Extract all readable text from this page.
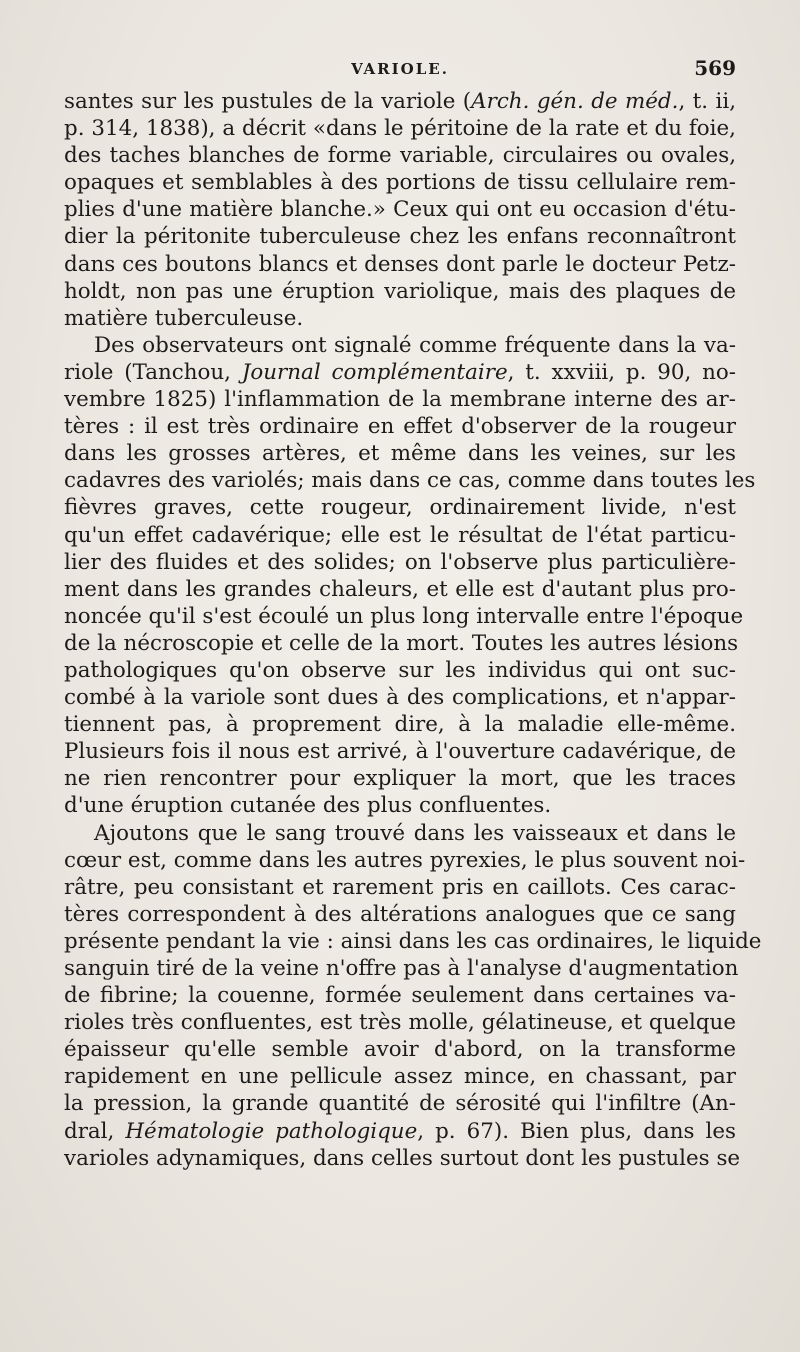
VARIOLE.	569
santes sur les pustules de la variole (Arch. gén. de méd., t. ii,
p. 314, 1838), a décrit «dans le péritoine de la rate et du foie,
des taches blanches de forme variable, circulaires ou ovales,
opaques et semblables à des portions de tissu cellulaire rem-
plies d'une matière blanche.» Ceux qui ont eu occasion d'étu-
dier la péritonite tuberculeuse chez les enfans reconnaîtront
dans ces boutons blancs et denses dont parle le docteur Petz-
holdt, non pas une éruption variolique, mais des plaques de
matière tuberculeuse.
Des observateurs ont signalé comme fréquente dans la va-
riole (Tanchou, Journal complémentaire, t. xxviii, p. 90, no-
vembre 1825) l'inflammation de la membrane interne des ar-
tères : il est très ordinaire en effet d'observer de la rougeur
dans les grosses artères, et même dans les veines, sur les
cadavres des variolés; mais dans ce cas, comme dans toutes les
fièvres graves, cette rougeur, ordinairement livide, n'est
qu'un effet cadavérique; elle est le résultat de l'état particu-
lier des fluides et des solides; on l'observe plus particulière-
ment dans les grandes chaleurs, et elle est d'autant plus pro-
noncée qu'il s'est écoulé un plus long intervalle entre l'époque
de la nécroscopie et celle de la mort. Toutes les autres lésions
pathologiques qu'on observe sur les individus qui ont suc-
combé à la variole sont dues à des complications, et n'appar-
tiennent pas, à proprement dire, à la maladie elle-même.
Plusieurs fois il nous est arrivé, à l'ouverture cadavérique, de
ne rien rencontrer pour expliquer la mort, que les traces
d'une éruption cutanée des plus confluentes.
Ajoutons que le sang trouvé dans les vaisseaux et dans le
cœur est, comme dans les autres pyrexies, le plus souvent noi-
râtre, peu consistant et rarement pris en caillots. Ces carac-
tères correspondent à des altérations analogues que ce sang
présente pendant la vie : ainsi dans les cas ordinaires, le liquide
sanguin tiré de la veine n'offre pas à l'analyse d'augmentation
de fibrine; la couenne, formée seulement dans certaines va-
rioles très confluentes, est très molle, gélatineuse, et quelque
épaisseur qu'elle semble avoir d'abord, on la transforme
rapidement en une pellicule assez mince, en chassant, par
la pression, la grande quantité de sérosité qui l'infiltre (An-
dral, Hématologie pathologique, p. 67). Bien plus, dans les
varioles adynamiques, dans celles surtout dont les pustules se
